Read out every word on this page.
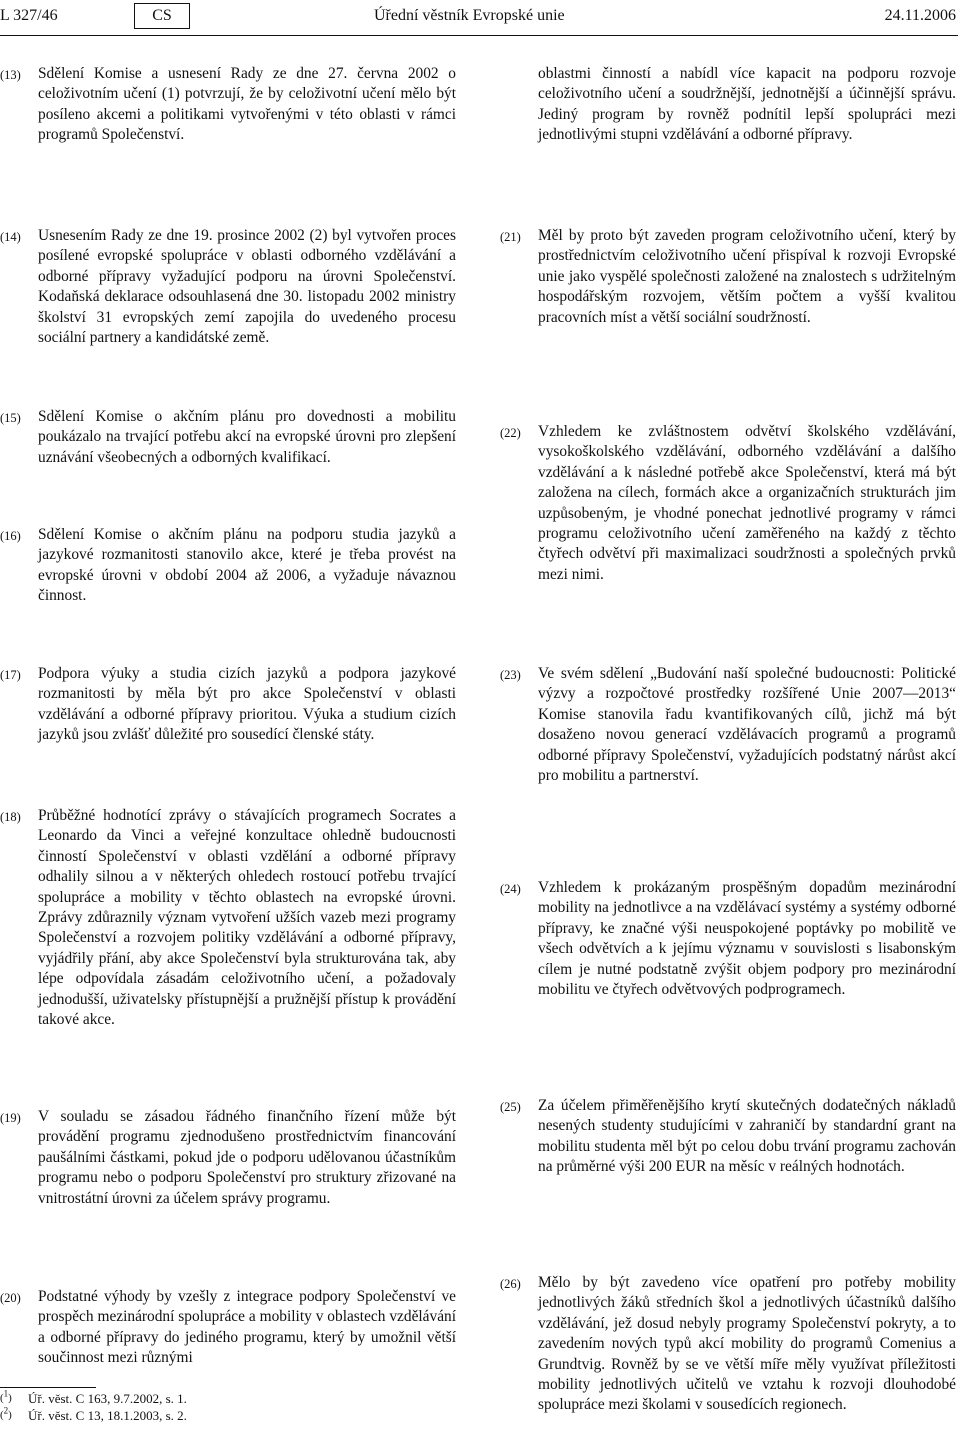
L 327/46	CS	Úřední věstník Evropské unie	24.11.2006
(13) Sdělení Komise a usnesení Rady ze dne 27. června 2002 o celoživotním učení (1) potvrzují, že by celoživotní učení mělo být posíleno akcemi a politikami vytvořenými v této oblasti v rámci programů Společenství.
(14) Usnesením Rady ze dne 19. prosince 2002 (2) byl vytvořen proces posílené evropské spolupráce v oblasti odborného vzdělávání a odborné přípravy vyžadující podporu na úrovni Společenství. Kodaňská deklarace odsouhlasená dne 30. listopadu 2002 ministry školství 31 evropských zemí zapojila do uvedeného procesu sociální partnery a kandidátské země.
(15) Sdělení Komise o akčním plánu pro dovednosti a mobilitu poukázalo na trvající potřebu akcí na evropské úrovni pro zlepšení uznávání všeobecných a odborných kvalifikací.
(16) Sdělení Komise o akčním plánu na podporu studia jazyků a jazykové rozmanitosti stanovilo akce, které je třeba provést na evropské úrovni v období 2004 až 2006, a vyžaduje návaznou činnost.
(17) Podpora výuky a studia cizích jazyků a podpora jazykové rozmanitosti by měla být pro akce Společenství v oblasti vzdělávání a odborné přípravy prioritou. Výuka a studium cizích jazyků jsou zvlášť důležité pro sousedící členské státy.
(18) Průběžné hodnotící zprávy o stávajících programech Socrates a Leonardo da Vinci a veřejné konzultace ohledně budoucnosti činností Společenství v oblasti vzdělání a odborné přípravy odhalily silnou a v některých ohledech rostoucí potřebu trvající spolupráce a mobility v těchto oblastech na evropské úrovni. Zprávy zdůraznily význam vytvoření užších vazeb mezi programy Společenství a rozvojem politiky vzdělávání a odborné přípravy, vyjádřily přání, aby akce Společenství byla strukturována tak, aby lépe odpovídala zásadám celoživotního učení, a požadovaly jednodušší, uživatelsky přístupnější a pružnější přístup k provádění takové akce.
(19) V souladu se zásadou řádného finančního řízení může být provádění programu zjednodušeno prostřednictvím financování paušálními částkami, pokud jde o podporu udělovanou účastníkům programu nebo o podporu Společenství pro struktury zřizované na vnitrostátní úrovni za účelem správy programu.
(20) Podstatné výhody by vzešly z integrace podpory Společenství ve prospěch mezinárodní spolupráce a mobility v oblastech vzdělávání a odborné přípravy do jediného programu, který by umožnil větší součinnost mezi různými
oblastmi činností a nabídl více kapacit na podporu rozvoje celoživotního učení a soudržnější, jednotnější a účinnější správu. Jediný program by rovněž podnítil lepší spolupráci mezi jednotlivými stupni vzdělávání a odborné přípravy.
(21) Měl by proto být zaveden program celoživotního učení, který by prostřednictvím celoživotního učení přispíval k rozvoji Evropské unie jako vyspělé společnosti založené na znalostech s udržitelným hospodářským rozvojem, větším počtem a vyšší kvalitou pracovních míst a větší sociální soudržností.
(22) Vzhledem ke zvláštnostem odvětví školského vzdělávání, vysokoškolského vzdělávání, odborného vzdělávání a dalšího vzdělávání a k následné potřebě akce Společenství, která má být založena na cílech, formách akce a organizačních strukturách jim uzpůsobeným, je vhodné ponechat jednotlivé programy v rámci programu celoživotního učení zaměřeného na každý z těchto čtyřech odvětví při maximalizaci soudržnosti a společných prvků mezi nimi.
(23) Ve svém sdělení „Budování naší společné budoucnosti: Politické výzvy a rozpočtové prostředky rozšířené Unie 2007—2013“ Komise stanovila řadu kvantifikovaných cílů, jichž má být dosaženo novou generací vzdělávacích programů a programů odborné přípravy Společenství, vyžadujících podstatný nárůst akcí pro mobilitu a partnerství.
(24) Vzhledem k prokázaným prospěšným dopadům mezinárodní mobility na jednotlivce a na vzdělávací systémy a systémy odborné přípravy, ke značné výši neuspokojené poptávky po mobilitě ve všech odvětvích a k jejímu významu v souvislosti s lisabonským cílem je nutné podstatně zvýšit objem podpory pro mezinárodní mobilitu ve čtyřech odvětvových podprogramech.
(25) Za účelem přiměřenějšího krytí skutečných dodatečných nákladů nesených studenty studujícími v zahraničí by standardní grant na mobilitu studenta měl být po celou dobu trvání programu zachován na průměrné výši 200 EUR na měsíc v reálných hodnotách.
(26) Mělo by být zavedeno více opatření pro potřeby mobility jednotlivých žáků středních škol a jednotlivých účastníků dalšího vzdělávání, jež dosud nebyly programy Společenství pokryty, a to zavedením nových typů akcí mobility do programů Comenius a Grundtvig. Rovněž by se ve větší míře měly využívat příležitosti mobility jednotlivých učitelů ve vztahu k rozvoji dlouhodobé spolupráce mezi školami v sousedících regionech.
($^1$) Úř. věst. C 163, 9.7.2002, s. 1.
($^2$) Úř. věst. C 13, 18.1.2003, s. 2.
